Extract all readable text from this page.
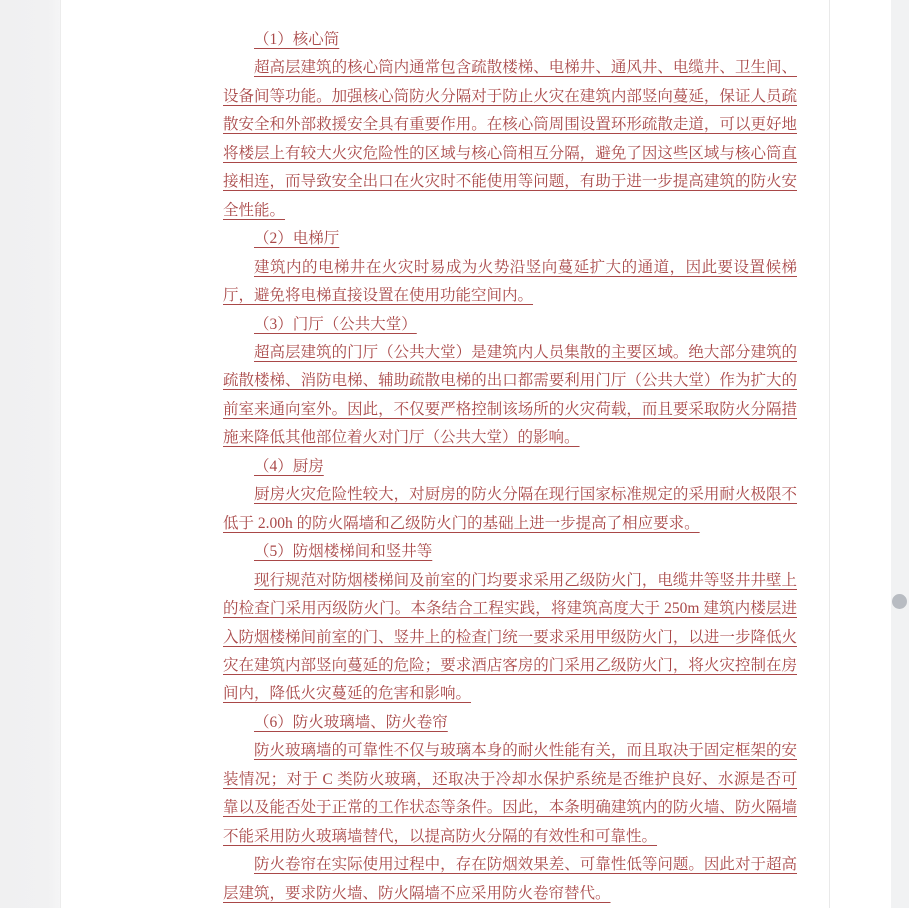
（1）核心筒

超高层建筑的核心筒内通常包含疏散楼梯、电梯井、通风井、电缆井、卫生间、设备间等功能。加强核心筒防火分隔对于防止火灾在建筑内部竖向蔓延，保证人员疏散安全和外部救援安全具有重要作用。在核心筒周围设置环形疏散走道，可以更好地将楼层上有较大火灾危险性的区域与核心筒相互分隔，避免了因这些区域与核心筒直接相连，而导致安全出口在火灾时不能使用等问题，有助于进一步提高建筑的防火安全性能。

（2）电梯厅

建筑内的电梯井在火灾时易成为火势沿竖向蔓延扩大的通道，因此要设置候梯厅，避免将电梯直接设置在使用功能空间内。

（3）门厅（公共大堂）

超高层建筑的门厅（公共大堂）是建筑内人员集散的主要区域。绝大部分建筑的疏散楼梯、消防电梯、辅助疏散电梯的出口都需要利用门厅（公共大堂）作为扩大的前室来通向室外。因此，不仅要严格控制该场所的火灾荷载，而且要采取防火分隔措施来降低其他部位着火对门厅（公共大堂）的影响。

（4）厨房

厨房火灾危险性较大，对厨房的防火分隔在现行国家标准规定的采用耐火极限不低于 2.00h 的防火隔墙和乙级防火门的基础上进一步提高了相应要求。

（5）防烟楼梯间和竖井等

现行规范对防烟楼梯间及前室的门均要求采用乙级防火门，电缆井等竖井井壁上的检查门采用丙级防火门。本条结合工程实践，将建筑高度大于 250m 建筑内楼层进入防烟楼梯间前室的门、竖井上的检查门统一要求采用甲级防火门，以进一步降低火灾在建筑内部竖向蔓延的危险；要求酒店客房的门采用乙级防火门，将火灾控制在房间内，降低火灾蔓延的危害和影响。

（6）防火玻璃墙、防火卷帘

防火玻璃墙的可靠性不仅与玻璃本身的耐火性能有关，而且取决于固定框架的安装情况；对于 C 类防火玻璃，还取决于冷却水保护系统是否维护良好、水源是否可靠以及能否处于正常的工作状态等条件。因此，本条明确建筑内的防火墙、防火隔墙不能采用防火玻璃墙替代，以提高防火分隔的有效性和可靠性。

防火卷帘在实际使用过程中，存在防烟效果差、可靠性低等问题。因此对于超高层建筑，要求防火墙、防火隔墙不应采用防火卷帘替代。
